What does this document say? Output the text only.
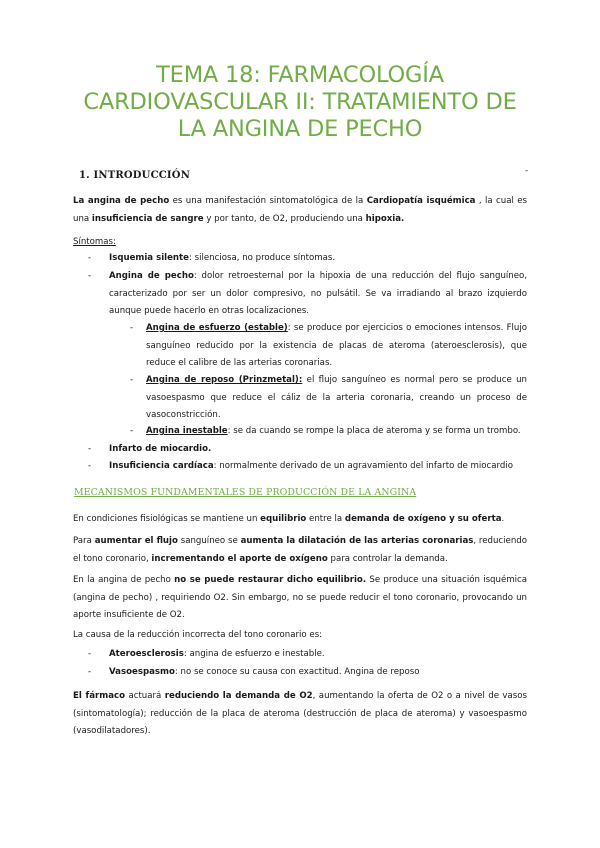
TEMA 18: FARMACOLOGÍA
CARDIOVASCULAR II: TRATAMIENTO DE
LA ANGINA DE PECHO
-
1. INTRODUCCIÓN
La angina de pecho es una manifestación sintomatológica de la Cardiopatía isquémica , la cual es una insuficiencia de sangre y por tanto, de O2, produciendo una hipoxia.
Síntomas:
- Isquemia silente: silenciosa, no produce síntomas.
- Angina de pecho: dolor retroesternal por la hipoxia de una reducción del flujo sanguíneo, caracterizado por ser un dolor compresivo, no pulsátil. Se va irradiando al brazo izquierdo aunque puede hacerlo en otras localizaciones.
- Angina de esfuerzo (estable): se produce por ejercicios o emociones intensos. Flujo sanguíneo reducido por la existencia de placas de ateroma (ateroesclerosis), que reduce el calibre de las arterias coronarias.
- Angina de reposo (Prinzmetal): el flujo sanguíneo es normal pero se produce un vasoespasmo que reduce el cáliz de la arteria coronaria, creando un proceso de vasoconstricción.
- Angina inestable: se da cuando se rompe la placa de ateroma y se forma un trombo.
- Infarto de miocardio.
- Insuficiencia cardíaca: normalmente derivado de un agravamiento del infarto de miocardio
MECANISMOS FUNDAMENTALES DE PRODUCCIÓN DE LA ANGINA
En condiciones fisiológicas se mantiene un equilibrio entre la demanda de oxígeno y su oferta.
Para aumentar el flujo sanguíneo se aumenta la dilatación de las arterias coronarias, reduciendo el tono coronario, incrementando el aporte de oxígeno para controlar la demanda.
En la angina de pecho no se puede restaurar dicho equilibrio. Se produce una situación isquémica (angina de pecho) , requiriendo O2. Sin embargo, no se puede reducir el tono coronario, provocando un aporte insuficiente de O2.
La causa de la reducción incorrecta del tono coronario es:
- Ateroesclerosis: angina de esfuerzo e inestable.
- Vasoespasmo: no se conoce su causa con exactitud. Angina de reposo
El fármaco actuará reduciendo la demanda de O2, aumentando la oferta de O2 o a nivel de vasos (sintomatología); reducción de la placa de ateroma (destrucción de placa de ateroma) y vasoespasmo (vasodilatadores).
